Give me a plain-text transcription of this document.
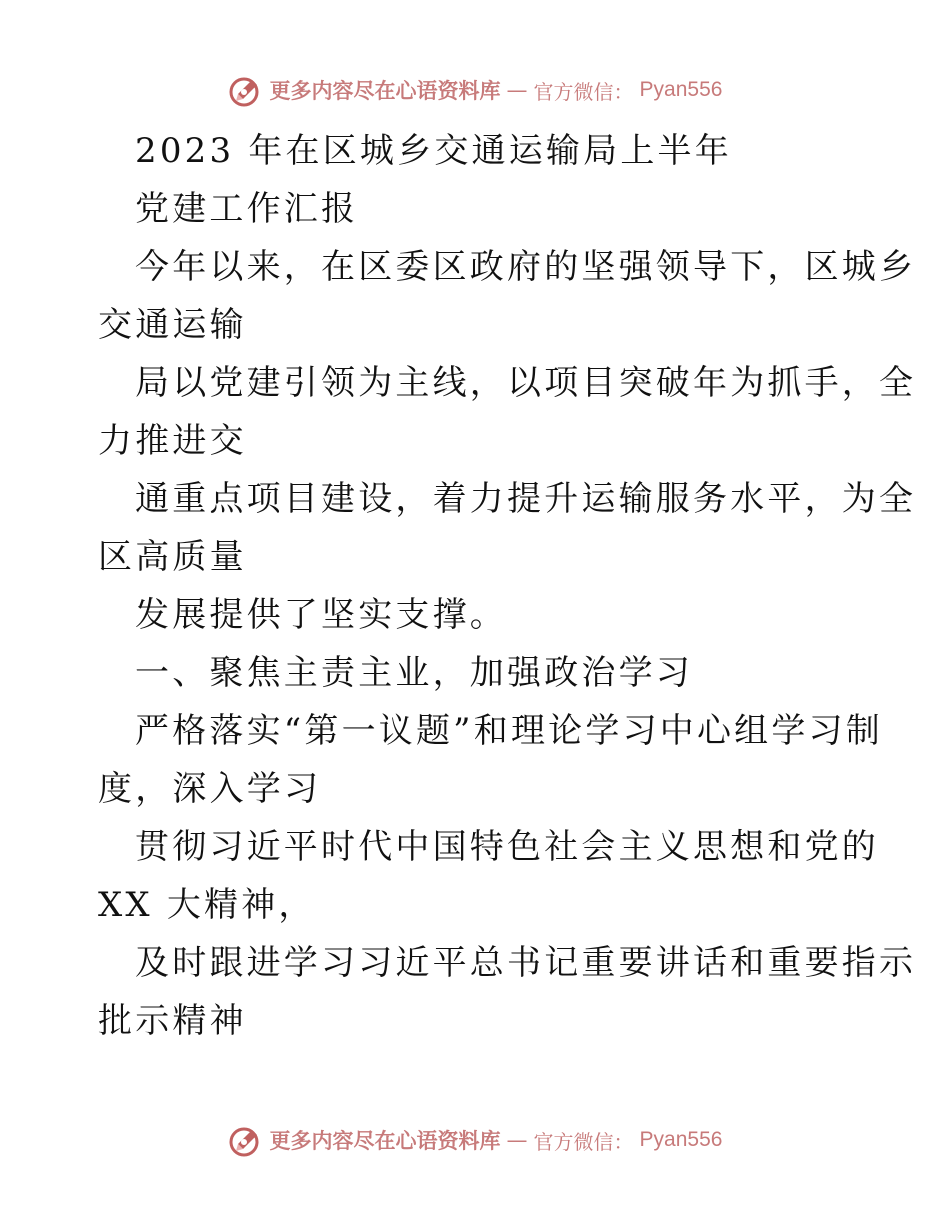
更多内容尽在心语资料库 — 官方微信： Pyan556
2023 年在区城乡交通运输局上半年
党建工作汇报
今年以来，在区委区政府的坚强领导下，区城乡
交通运输
局以党建引领为主线，以项目突破年为抓手，全
力推进交
通重点项目建设，着力提升运输服务水平，为全
区高质量
发展提供了坚实支撑。
一、聚焦主责主业，加强政治学习
严格落实“第一议题”和理论学习中心组学习制
度，深入学习
贯彻习近平时代中国特色社会主义思想和党的
XX 大精神，
及时跟进学习习近平总书记重要讲话和重要指示
批示精神
更多内容尽在心语资料库 — 官方微信： Pyan556
